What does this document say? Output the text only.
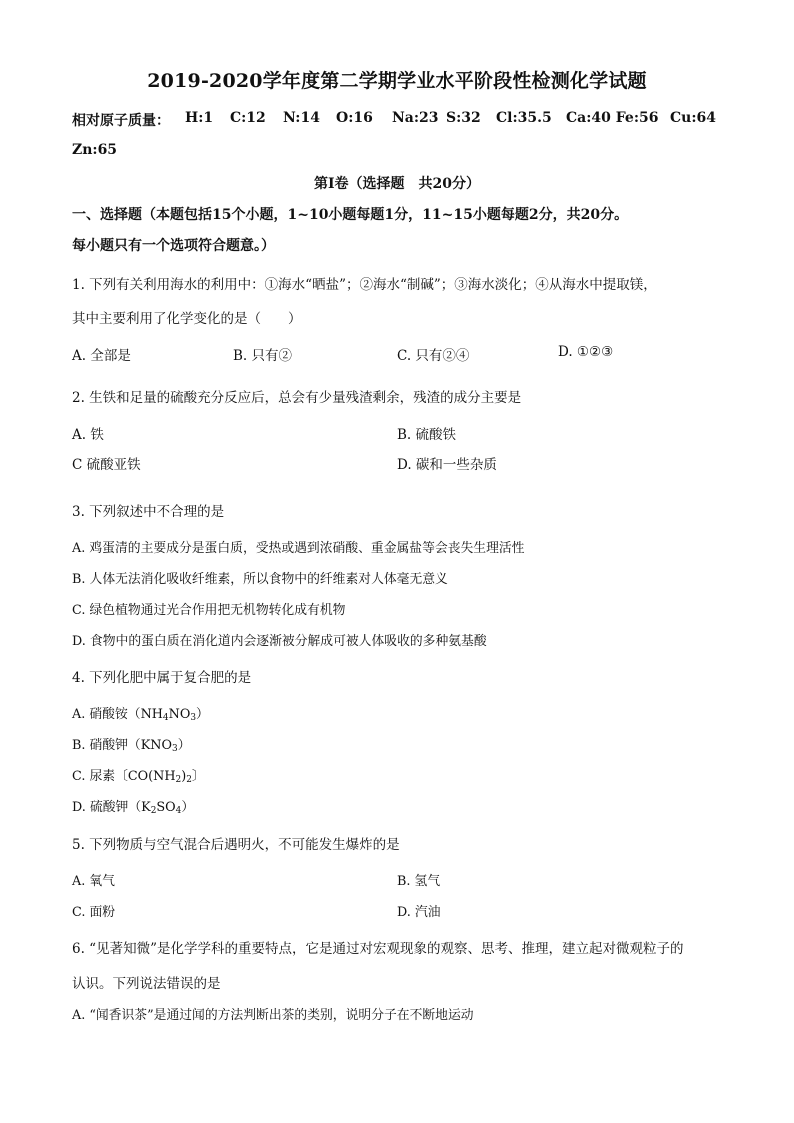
2019-2020学年度第二学期学业水平阶段性检测化学试题
相对原子质量： H:1 C:12 N:14 O:16 Na:23 S:32 Cl:35.5 Ca:40 Fe:56 Cu:64
Zn:65
第Ⅰ卷（选择题　共20分）
一、选择题（本题包括15个小题，1~10小题每题1分，11~15小题每题2分，共20分。
每小题只有一个选项符合题意。）
1. 下列有关利用海水的利用中：①海水“晒盐”；②海水“制碱”；③海水淡化；④从海水中提取镁，
其中主要利用了化学变化的是（　　）
A. 全部是	B. 只有②	C. 只有②④	D. ①②③
2. 生铁和足量的硫酸充分反应后，总会有少量残渣剩余，残渣的成分主要是
A. 铁	B. 硫酸铁
C 硫酸亚铁	D. 碳和一些杂质
3. 下列叙述中不合理的是
A. 鸡蛋清的主要成分是蛋白质，受热或遇到浓硝酸、重金属盐等会丧失生理活性
B. 人体无法消化吸收纤维素，所以食物中的纤维素对人体毫无意义
C. 绿色植物通过光合作用把无机物转化成有机物
D. 食物中的蛋白质在消化道内会逐渐被分解成可被人体吸收的多种氨基酸
4. 下列化肥中属于复合肥的是
A. 硝酸铵$(NH_4NO_3)$
B. 硝酸钾$(KNO_3)$
C. 尿素〔$CO(NH_2)_2$〕
D. 硫酸钾$(K_2SO_4)$
5. 下列物质与空气混合后遇明火，不可能发生爆炸的是
A. 氧气	B. 氢气
C. 面粉	D. 汽油
6. “见著知微”是化学学科的重要特点，它是通过对宏观现象的观察、思考、推理，建立起对微观粒子的
认识。下列说法错误的是
A. “闻香识茶”是通过闻的方法判断出茶的类别，说明分子在不断地运动
